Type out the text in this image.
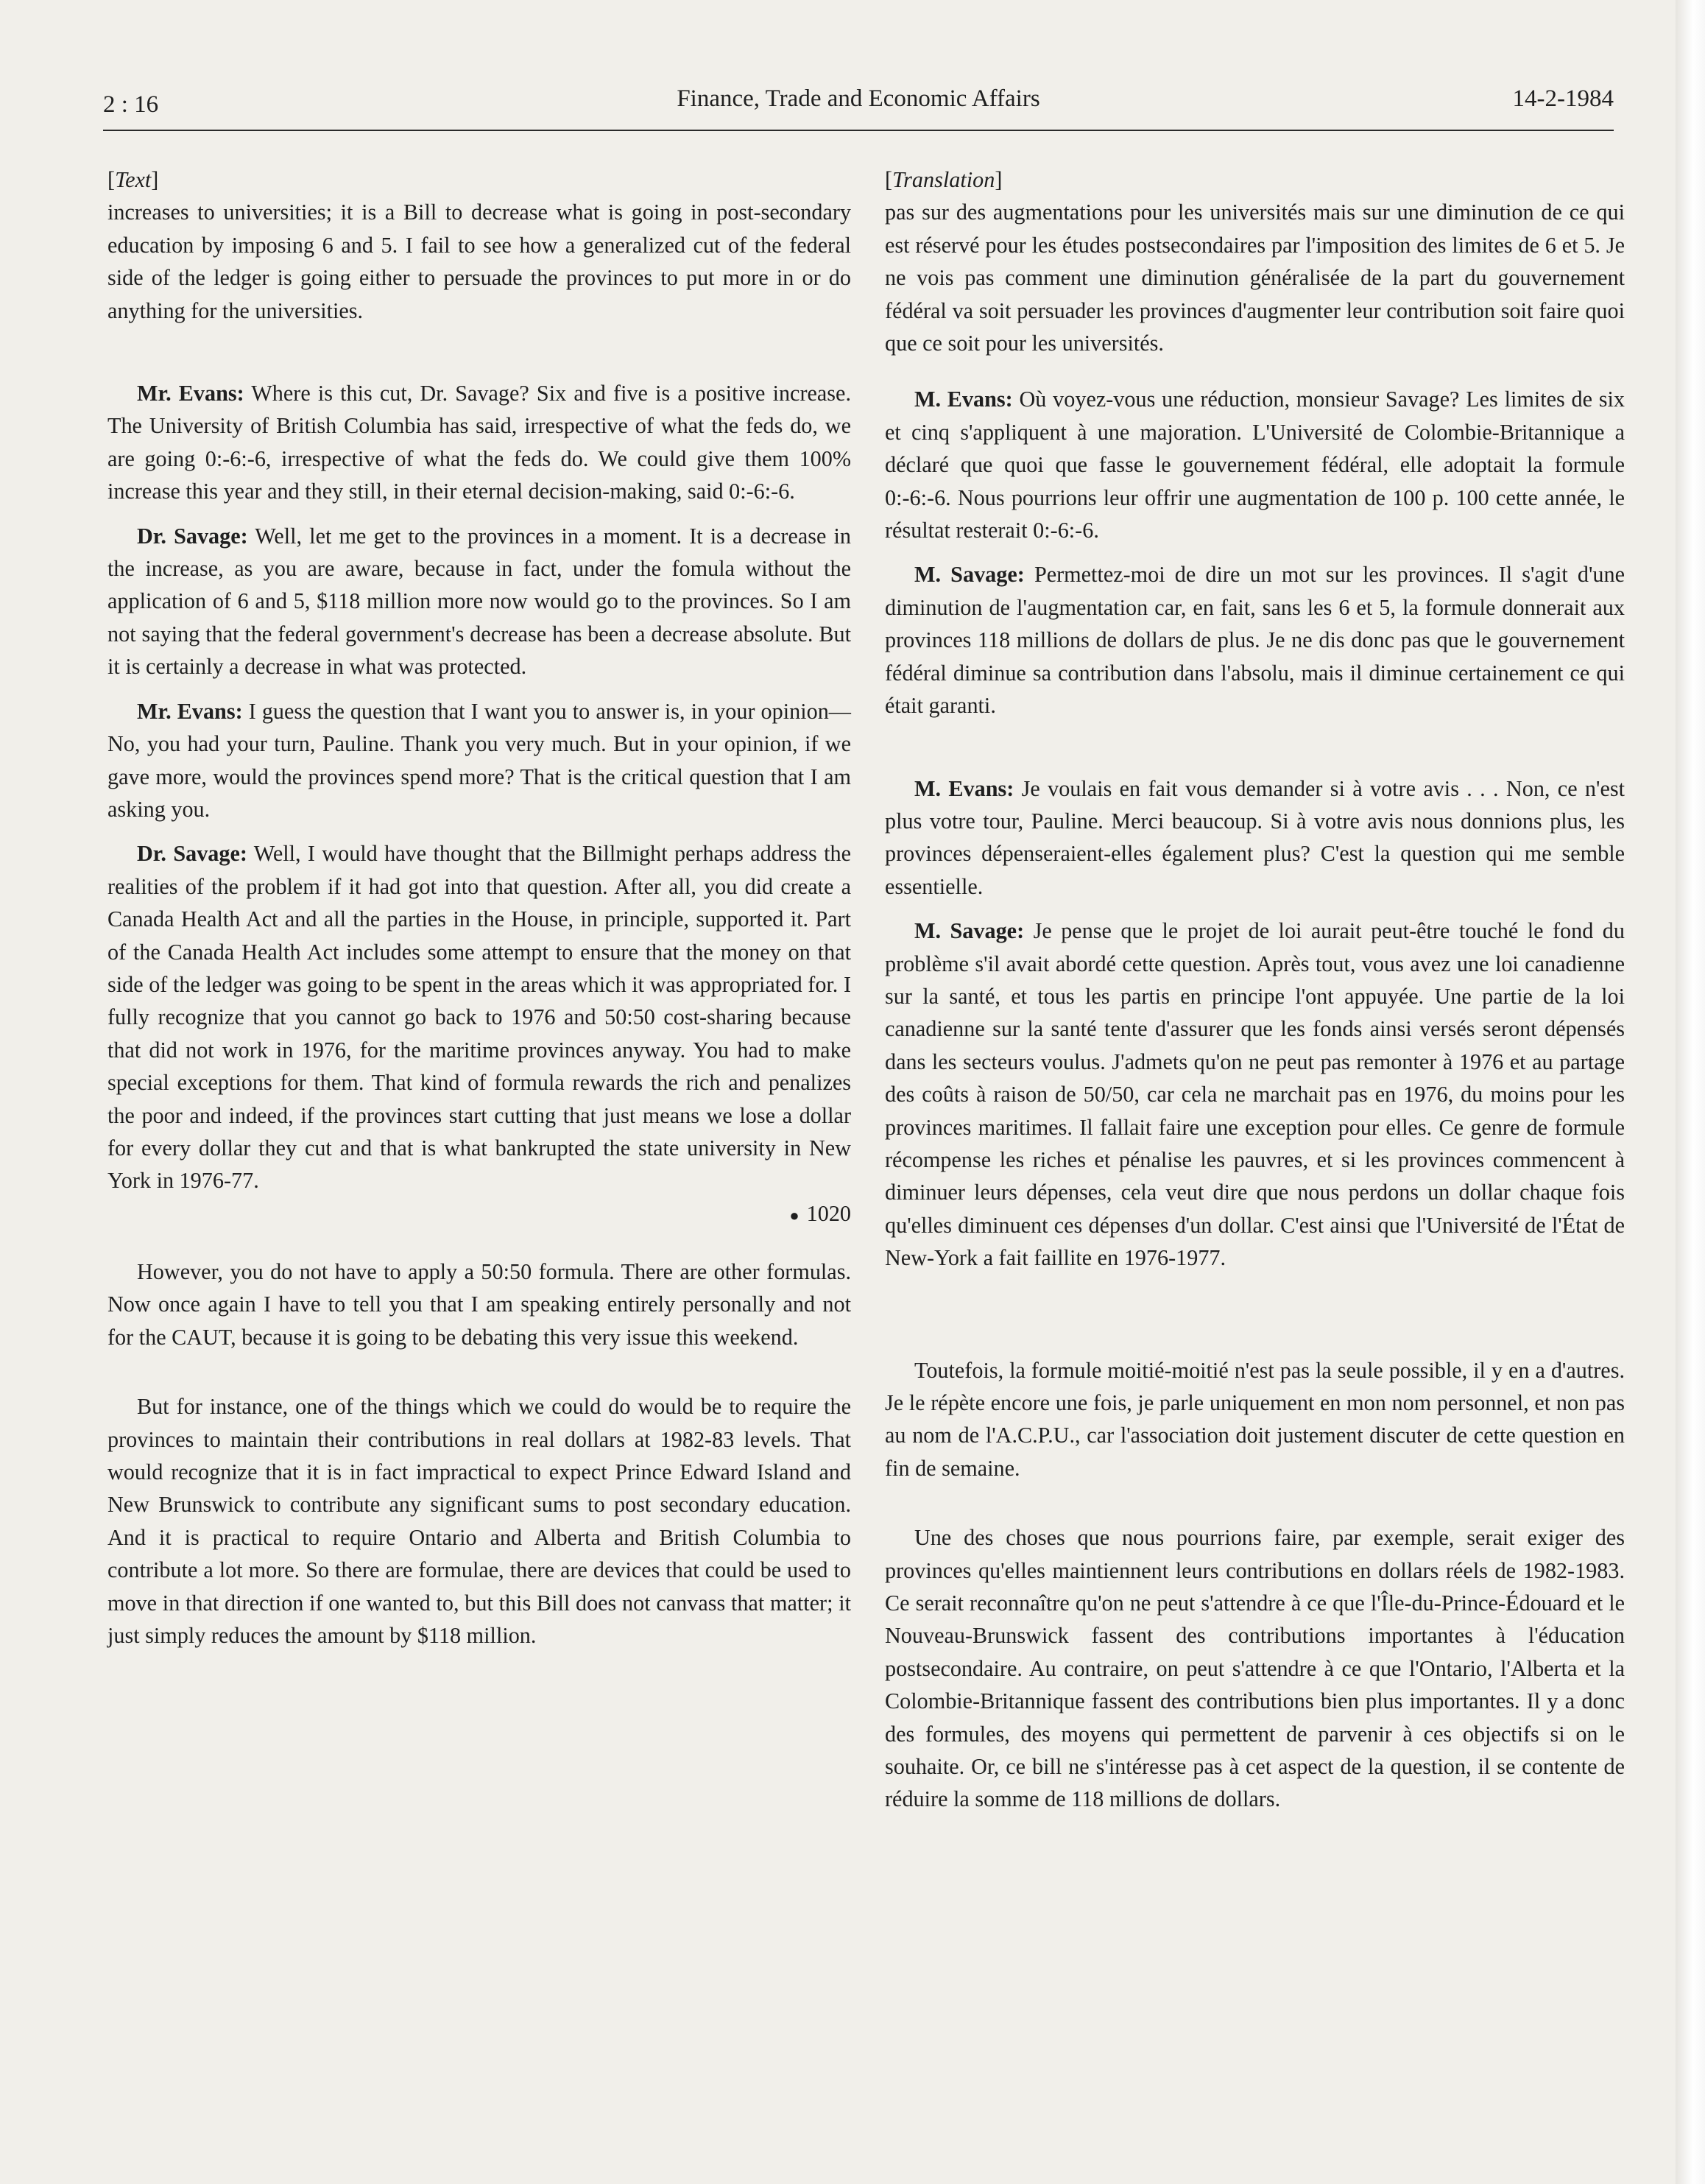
2 : 16	Finance, Trade and Economic Affairs	14-2-1984

[Text]

increases to universities; it is a Bill to decrease what is going in post-secondary education by imposing 6 and 5. I fail to see how a generalized cut of the federal side of the ledger is going either to persuade the provinces to put more in or do anything for the universities.

Mr. Evans: Where is this cut, Dr. Savage? Six and five is a positive increase. The University of British Columbia has said, irrespective of what the feds do, we are going 0:-6:-6, irrespective of what the feds do. We could give them 100% increase this year and they still, in their eternal decision-making, said 0:-6:-6.

Dr. Savage: Well, let me get to the provinces in a moment. It is a decrease in the increase, as you are aware, because in fact, under the fomula without the application of 6 and 5, $118 million more now would go to the provinces. So I am not saying that the federal government's decrease has been a decrease absolute. But it is certainly a decrease in what was protected.

Mr. Evans: I guess the question that I want you to answer is, in your opinion—No, you had your turn, Pauline. Thank you very much. But in your opinion, if we gave more, would the provinces spend more? That is the critical question that I am asking you.

Dr. Savage: Well, I would have thought that the Billmight perhaps address the realities of the problem if it had got into that question. After all, you did create a Canada Health Act and all the parties in the House, in principle, supported it. Part of the Canada Health Act includes some attempt to ensure that the money on that side of the ledger was going to be spent in the areas which it was appropriated for. I fully recognize that you cannot go back to 1976 and 50:50 cost-sharing because that did not work in 1976, for the maritime provinces anyway. You had to make special exceptions for them. That kind of formula rewards the rich and penalizes the poor and indeed, if the provinces start cutting that just means we lose a dollar for every dollar they cut and that is what bankrupted the state university in New York in 1976-77.

● 1020

However, you do not have to apply a 50:50 formula. There are other formulas. Now once again I have to tell you that I am speaking entirely personally and not for the CAUT, because it is going to be debating this very issue this weekend.

But for instance, one of the things which we could do would be to require the provinces to maintain their contributions in real dollars at 1982-83 levels. That would recognize that it is in fact impractical to expect Prince Edward Island and New Brunswick to contribute any significant sums to post secondary education. And it is practical to require Ontario and Alberta and British Columbia to contribute a lot more. So there are formulae, there are devices that could be used to move in that direction if one wanted to, but this Bill does not canvass that matter; it just simply reduces the amount by $118 million.

[Translation]

pas sur des augmentations pour les universités mais sur une diminution de ce qui est réservé pour les études postsecondaires par l'imposition des limites de 6 et 5. Je ne vois pas comment une diminution généralisée de la part du gouvernement fédéral va soit persuader les provinces d'augmenter leur contribution soit faire quoi que ce soit pour les universités.

M. Evans: Où voyez-vous une réduction, monsieur Savage? Les limites de six et cinq s'appliquent à une majoration. L'Université de Colombie-Britannique a déclaré que quoi que fasse le gouvernement fédéral, elle adoptait la formule 0:-6:-6. Nous pourrions leur offrir une augmentation de 100 p. 100 cette année, le résultat resterait 0:-6:-6.

M. Savage: Permettez-moi de dire un mot sur les provinces. Il s'agit d'une diminution de l'augmentation car, en fait, sans les 6 et 5, la formule donnerait aux provinces 118 millions de dollars de plus. Je ne dis donc pas que le gouvernement fédéral diminue sa contribution dans l'absolu, mais il diminue certainement ce qui était garanti.

M. Evans: Je voulais en fait vous demander si à votre avis . . . Non, ce n'est plus votre tour, Pauline. Merci beaucoup. Si à votre avis nous donnions plus, les provinces dépenseraient-elles également plus? C'est la question qui me semble essentielle.

M. Savage: Je pense que le projet de loi aurait peut-être touché le fond du problème s'il avait abordé cette question. Après tout, vous avez une loi canadienne sur la santé, et tous les partis en principe l'ont appuyée. Une partie de la loi canadienne sur la santé tente d'assurer que les fonds ainsi versés seront dépensés dans les secteurs voulus. J'admets qu'on ne peut pas remonter à 1976 et au partage des coûts à raison de 50/50, car cela ne marchait pas en 1976, du moins pour les provinces maritimes. Il fallait faire une exception pour elles. Ce genre de formule récompense les riches et pénalise les pauvres, et si les provinces commencent à diminuer leurs dépenses, cela veut dire que nous perdons un dollar chaque fois qu'elles diminuent ces dépenses d'un dollar. C'est ainsi que l'Université de l'État de New-York a fait faillite en 1976-1977.

Toutefois, la formule moitié-moitié n'est pas la seule possible, il y en a d'autres. Je le répète encore une fois, je parle uniquement en mon nom personnel, et non pas au nom de l'A.C.P.U., car l'association doit justement discuter de cette question en fin de semaine.

Une des choses que nous pourrions faire, par exemple, serait exiger des provinces qu'elles maintiennent leurs contributions en dollars réels de 1982-1983. Ce serait reconnaître qu'on ne peut s'attendre à ce que l'Île-du-Prince-Édouard et le Nouveau-Brunswick fassent des contributions importantes à l'éducation postsecondaire. Au contraire, on peut s'attendre à ce que l'Ontario, l'Alberta et la Colombie-Britannique fassent des contributions bien plus importantes. Il y a donc des formules, des moyens qui permettent de parvenir à ces objectifs si on le souhaite. Or, ce bill ne s'intéresse pas à cet aspect de la question, il se contente de réduire la somme de 118 millions de dollars.
